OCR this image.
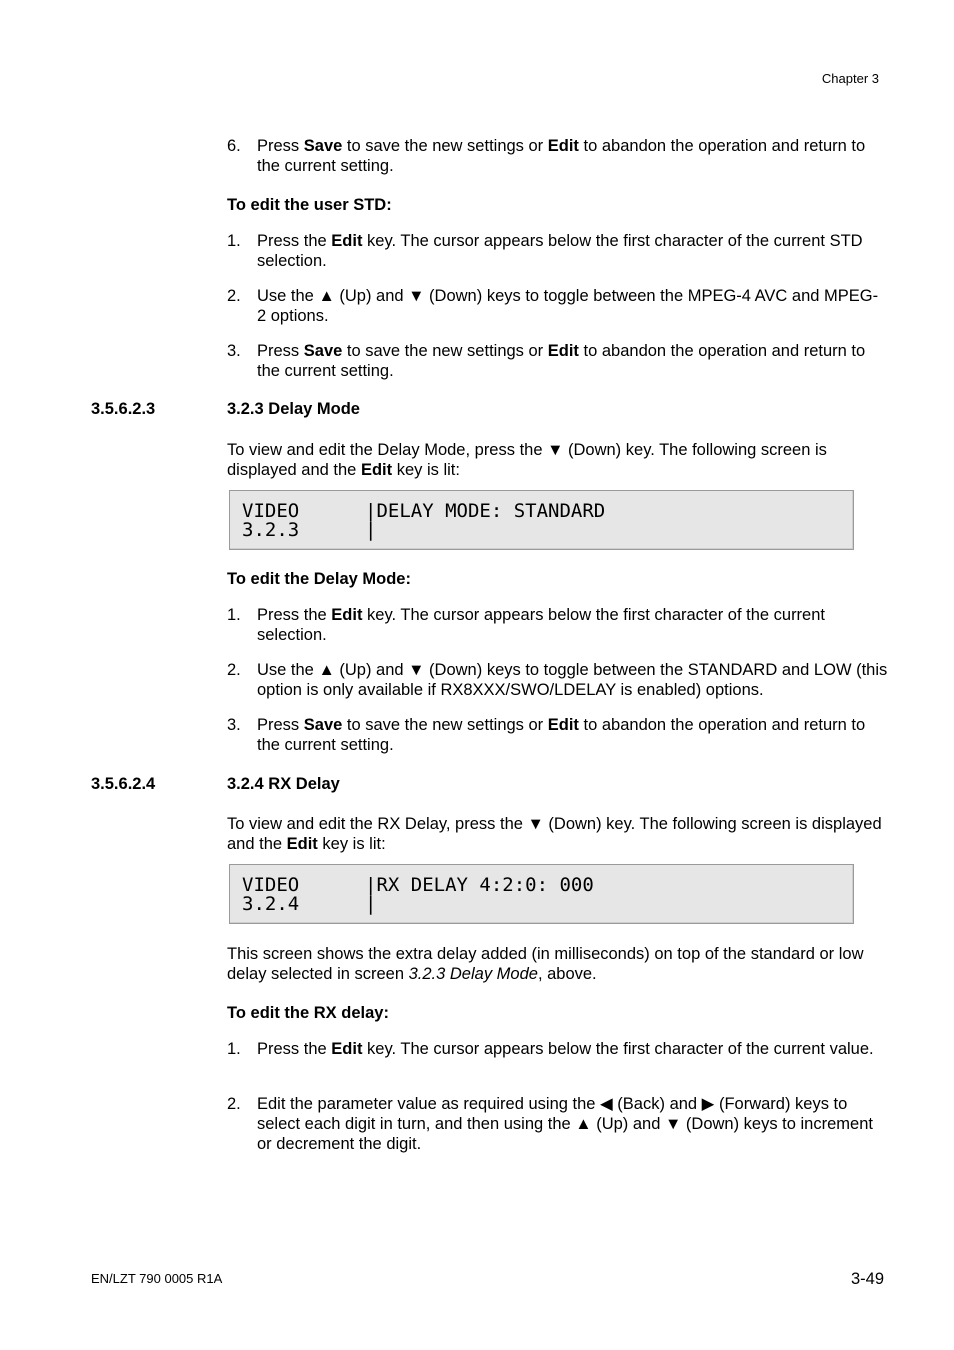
Chapter 3
6. Press Save to save the new settings or Edit to abandon the operation and return to the current setting.
To edit the user STD:
1. Press the Edit key. The cursor appears below the first character of the current STD selection.
2. Use the ▲ (Up) and ▼ (Down) keys to toggle between the MPEG-4 AVC and MPEG-2 options.
3. Press Save to save the new settings or Edit to abandon the operation and return to the current setting.
3.5.6.2.3	3.2.3 Delay Mode
To view and edit the Delay Mode, press the ▼ (Down) key. The following screen is displayed and the Edit key is lit:
VIDEO
3.2.3
|DELAY MODE: STANDARD
|
To edit the Delay Mode:
1. Press the Edit key. The cursor appears below the first character of the current selection.
2. Use the ▲ (Up) and ▼ (Down) keys to toggle between the STANDARD and LOW (this option is only available if RX8XXX/SWO/LDELAY is enabled) options.
3. Press Save to save the new settings or Edit to abandon the operation and return to the current setting.
3.5.6.2.4	3.2.4 RX Delay
To view and edit the RX Delay, press the ▼ (Down) key. The following screen is displayed and the Edit key is lit:
VIDEO
3.2.4
|RX DELAY 4:2:0: 000
|
This screen shows the extra delay added (in milliseconds) on top of the standard or low delay selected in screen 3.2.3 Delay Mode, above.
To edit the RX delay:
1. Press the Edit key. The cursor appears below the first character of the current value.
2. Edit the parameter value as required using the ◀ (Back) and ▶ (Forward) keys to select each digit in turn, and then using the ▲ (Up) and ▼ (Down) keys to increment or decrement the digit.
EN/LZT 790 0005 R1A	3-49
